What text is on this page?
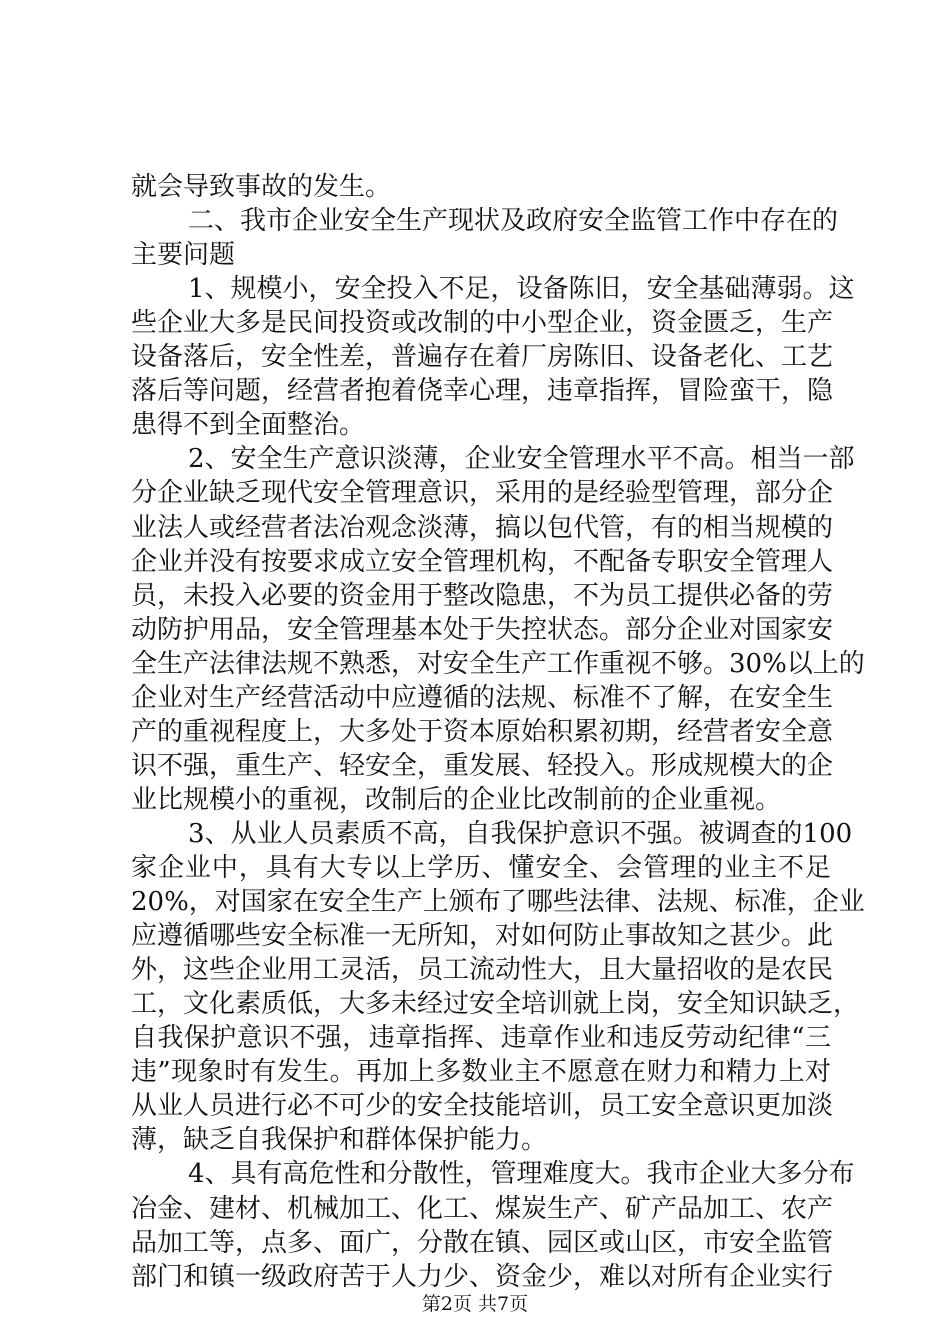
就会导致事故的发生。
　二、我市企业安全生产现状及政府安全监管工作中存在的
主要问题
　1、规模小，安全投入不足，设备陈旧，安全基础薄弱。这
些企业大多是民间投资或改制的中小型企业，资金匮乏，生产
设备落后，安全性差，普遍存在着厂房陈旧、设备老化、工艺
落后等问题，经营者抱着侥幸心理，违章指挥，冒险蛮干，隐
患得不到全面整治。
　2、安全生产意识淡薄，企业安全管理水平不高。相当一部
分企业缺乏现代安全管理意识，采用的是经验型管理，部分企
业法人或经营者法冶观念淡薄，搞以包代管，有的相当规模的
企业并没有按要求成立安全管理机构，不配备专职安全管理人
员，未投入必要的资金用于整改隐患，不为员工提供必备的劳
动防护用品，安全管理基本处于失控状态。部分企业对国家安
全生产法律法规不熟悉，对安全生产工作重视不够。30%以上的
企业对生产经营活动中应遵循的法规、标准不了解，在安全生
产的重视程度上，大多处于资本原始积累初期，经营者安全意
识不强，重生产、轻安全，重发展、轻投入。形成规模大的企
业比规模小的重视，改制后的企业比改制前的企业重视。
　3、从业人员素质不高，自我保护意识不强。被调查的100
家企业中，具有大专以上学历、懂安全、会管理的业主不足
20%，对国家在安全生产上颁布了哪些法律、法规、标准，企业
应遵循哪些安全标准一无所知，对如何防止事故知之甚少。此
外，这些企业用工灵活，员工流动性大，且大量招收的是农民
工，文化素质低，大多未经过安全培训就上岗，安全知识缺乏，
自我保护意识不强，违章指挥、违章作业和违反劳动纪律“三
违”现象时有发生。再加上多数业主不愿意在财力和精力上对
从业人员进行必不可少的安全技能培训，员工安全意识更加淡
薄，缺乏自我保护和群体保护能力。
　4、具有高危性和分散性，管理难度大。我市企业大多分布
冶金、建材、机械加工、化工、煤炭生产、矿产品加工、农产
品加工等，点多、面广，分散在镇、园区或山区，市安全监管
部门和镇一级政府苦于人力少、资金少，难以对所有企业实行
第2页 共7页
